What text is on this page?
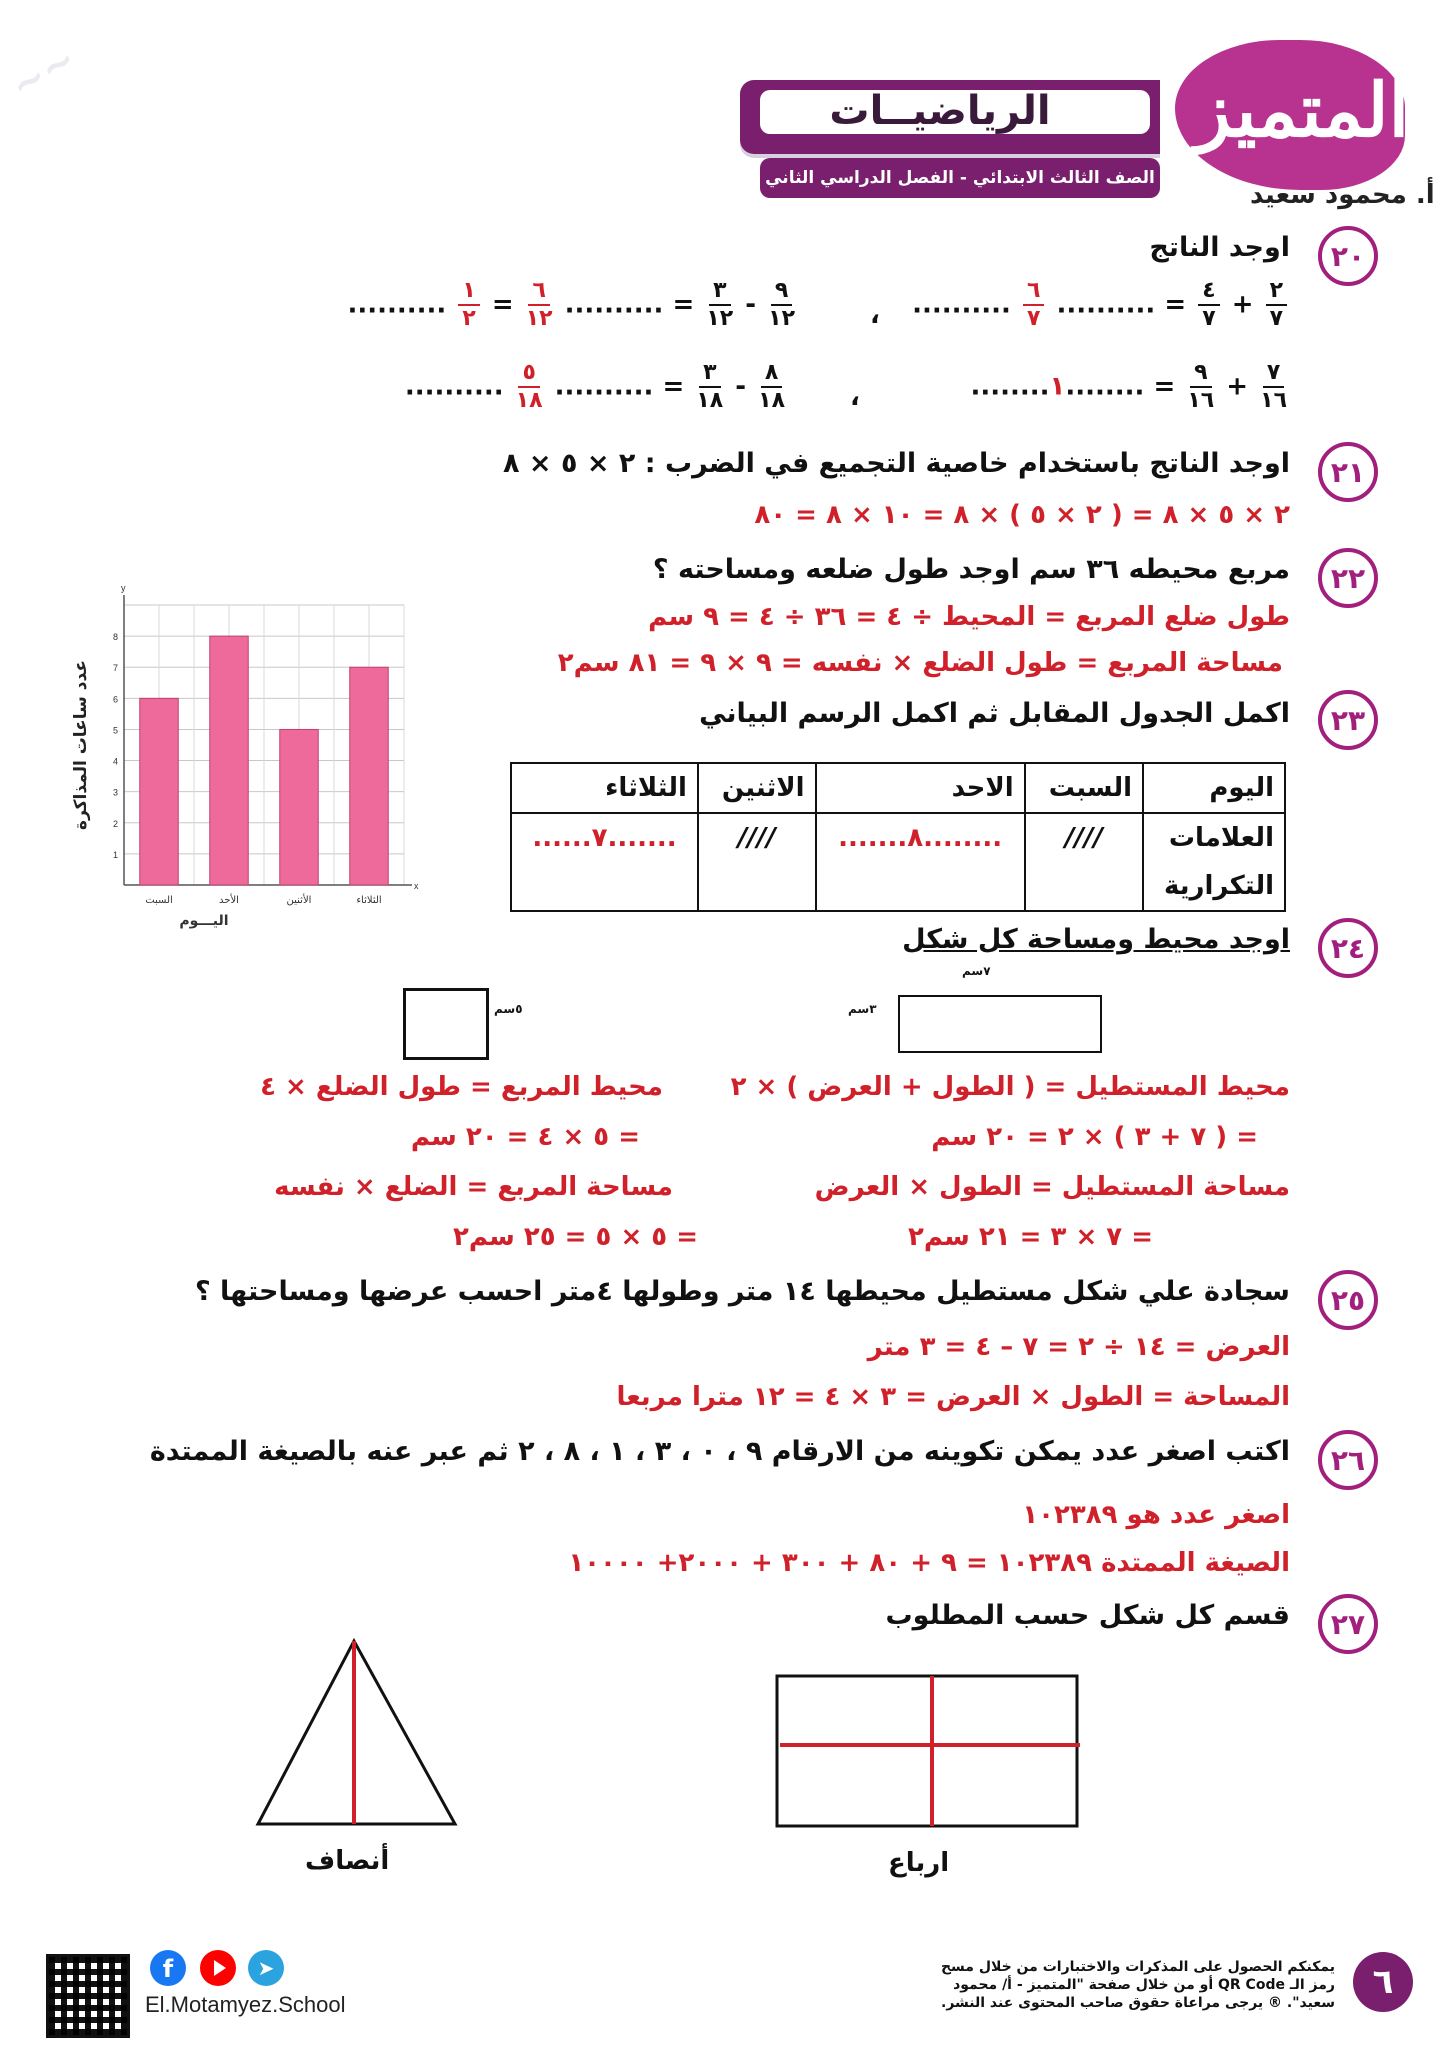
~~	المتميز
الرياضيــات
الصف الثالث الابتدائي - الفصل الدراسي الثاني
أ. محمود سعيد
٢٠
اوجد الناتج
$\frac{٢}{٧}$
+
$\frac{٤}{٧}$
= ..........
$\frac{٦}{٧}$
..........
،
$\frac{٩}{١٢}$
-
$\frac{٣}{١٢}$
= ..........
$\frac{٦}{١٢}$
=
$\frac{١}{٢}$
..........
$\frac{٧}{١٦}$
+
$\frac{٩}{١٦}$
= ........١........
،
$\frac{٨}{١٨}$
-
$\frac{٣}{١٨}$
= ..........
$\frac{٥}{١٨}$
..........
٢١
اوجد الناتج باستخدام خاصية التجميع في الضرب : ٢ × ٥ × ٨
٢ × ٥ × ٨ = ( ٢ × ٥ ) × ٨ = ١٠ × ٨ = ٨٠
٢٢
مربع محيطه ٣٦ سم اوجد طول ضلعه ومساحته ؟
طول ضلع المربع = المحيط ÷ ٤ = ٣٦ ÷ ٤ = ٩ سم
مساحة المربع = طول الضلع × نفسه = ٩ × ٩ = ٨١ سم٢
1
2
3
4
5
6
7
8
y
x
السبت	الأحد	الأثنين	الثلاثاء
اليـــوم
عدد ساعات المذاكرة	٢٣
اكمل الجدول المقابل ثم اكمل الرسم البياني
اليوم	السبت	الاحد	الاثنين	الثلاثاء
العلامات	////	........٨.......	////	.......٧......
التكرارية				
٢٤
اوجد محيط ومساحة كل شكل
٧سم
٣سم
٥سم
محيط المستطيل = ( الطول + العرض ) × ٢
= ( ٧ + ٣ ) × ٢ = ٢٠ سم
مساحة المستطيل = الطول × العرض
= ٧ × ٣ = ٢١ سم٢
محيط المربع = طول الضلع × ٤
= ٥ × ٤ = ٢٠ سم
مساحة المربع = الضلع × نفسه
= ٥ × ٥ = ٢٥ سم٢
٢٥
سجادة علي شكل مستطيل محيطها ١٤ متر وطولها ٤متر احسب عرضها ومساحتها ؟
العرض = ١٤ ÷ ٢ = ٧ – ٤ = ٣ متر
المساحة = الطول × العرض = ٣ × ٤ = ١٢ مترا مربعا
٢٦
اكتب اصغر عدد يمكن تكوينه من الارقام ٩ ، ٠ ، ٣ ، ١ ، ٨ ، ٢ ثم عبر عنه بالصيغة الممتدة
اصغر عدد هو ١٠٢٣٨٩
الصيغة الممتدة ١٠٢٣٨٩ = ٩ + ٨٠ + ٣٠٠ + ٢٠٠٠+ ١٠٠٠٠
٢٧
قسم كل شكل حسب المطلوب
ارباع
أنصاف
٦
يمكنكم الحصول على المذكرات والاختبارات من خلال مسح رمز الـ QR Code أو من خلال صفحة "المتميز - أ/ محمود سعيد". ® يرجى مراعاة حقوق صاحب المحتوى عند النشر.
f	➤
El.Motamyez.School
